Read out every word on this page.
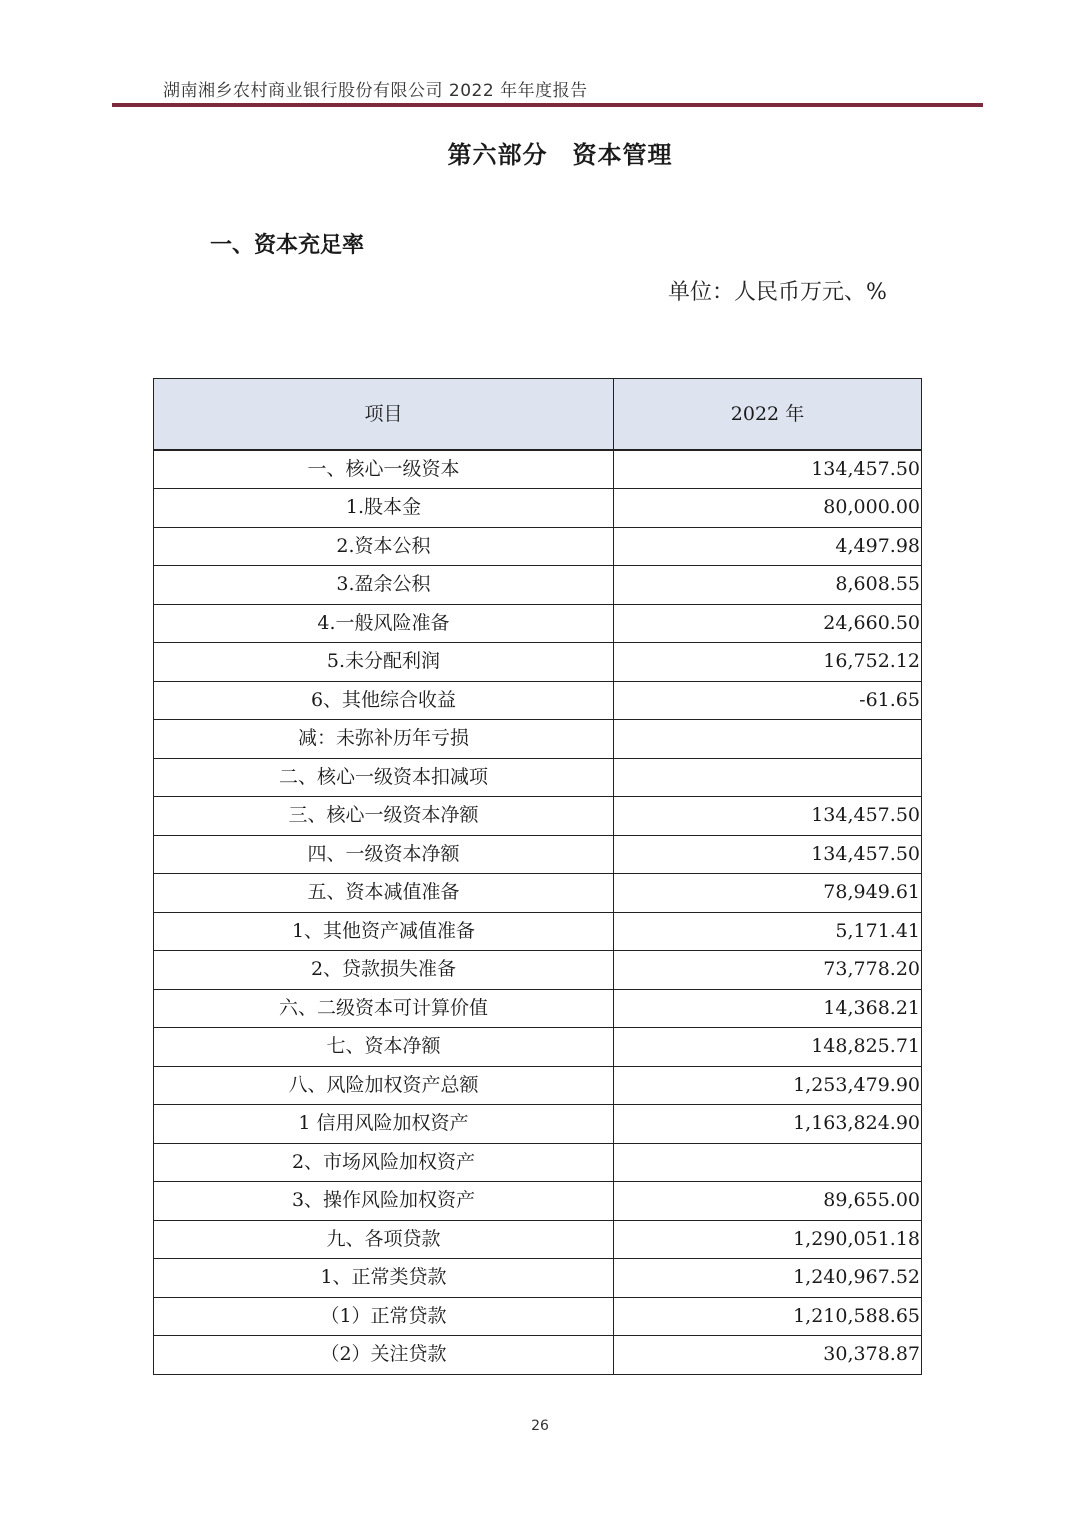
湖南湘乡农村商业银行股份有限公司 2022 年年度报告
第六部分　资本管理
一、资本充足率
单位：人民币万元、%
项目	2022 年
一、核心一级资本	134,457.50
1.股本金	80,000.00
2.资本公积	4,497.98
3.盈余公积	8,608.55
4.一般风险准备	24,660.50
5.未分配利润	16,752.12
6、其他综合收益	-61.65
减：未弥补历年亏损	
二、核心一级资本扣减项	
三、核心一级资本净额	134,457.50
四、一级资本净额	134,457.50
五、资本减值准备	78,949.61
1、其他资产减值准备	5,171.41
2、贷款损失准备	73,778.20
六、二级资本可计算价值	14,368.21
七、资本净额	148,825.71
八、风险加权资产总额	1,253,479.90
1 信用风险加权资产	1,163,824.90
2、市场风险加权资产	
3、操作风险加权资产	89,655.00
九、各项贷款	1,290,051.18
1、正常类贷款	1,240,967.52
（1）正常贷款	1,210,588.65
（2）关注贷款	30,378.87
26
